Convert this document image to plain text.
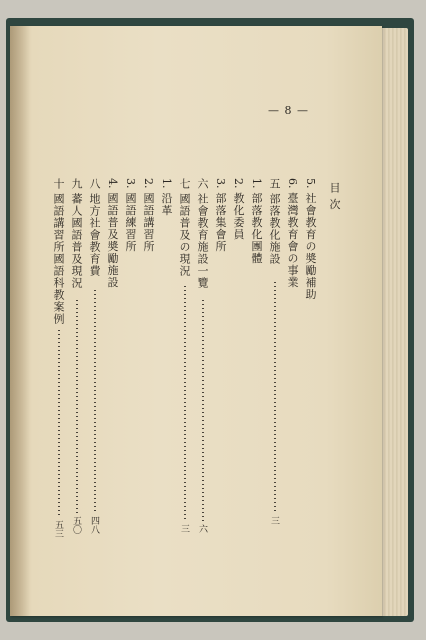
— 8 —
目 次
5.社會教育の奬勵補助
6.臺灣教育會の事業
五部落教化施設
三
1.部落教化團體
2.教化委員
3.部落集會所
六社會教育施設一覽
六
七國語普及の現況
三
1.沿革
2.國語講習所
3.國語練習所
4.國語普及奬勵施設
八地方社會教育費
四八
九蕃人國語普及現況
五〇
十國語講習所國語科教案例
五三
